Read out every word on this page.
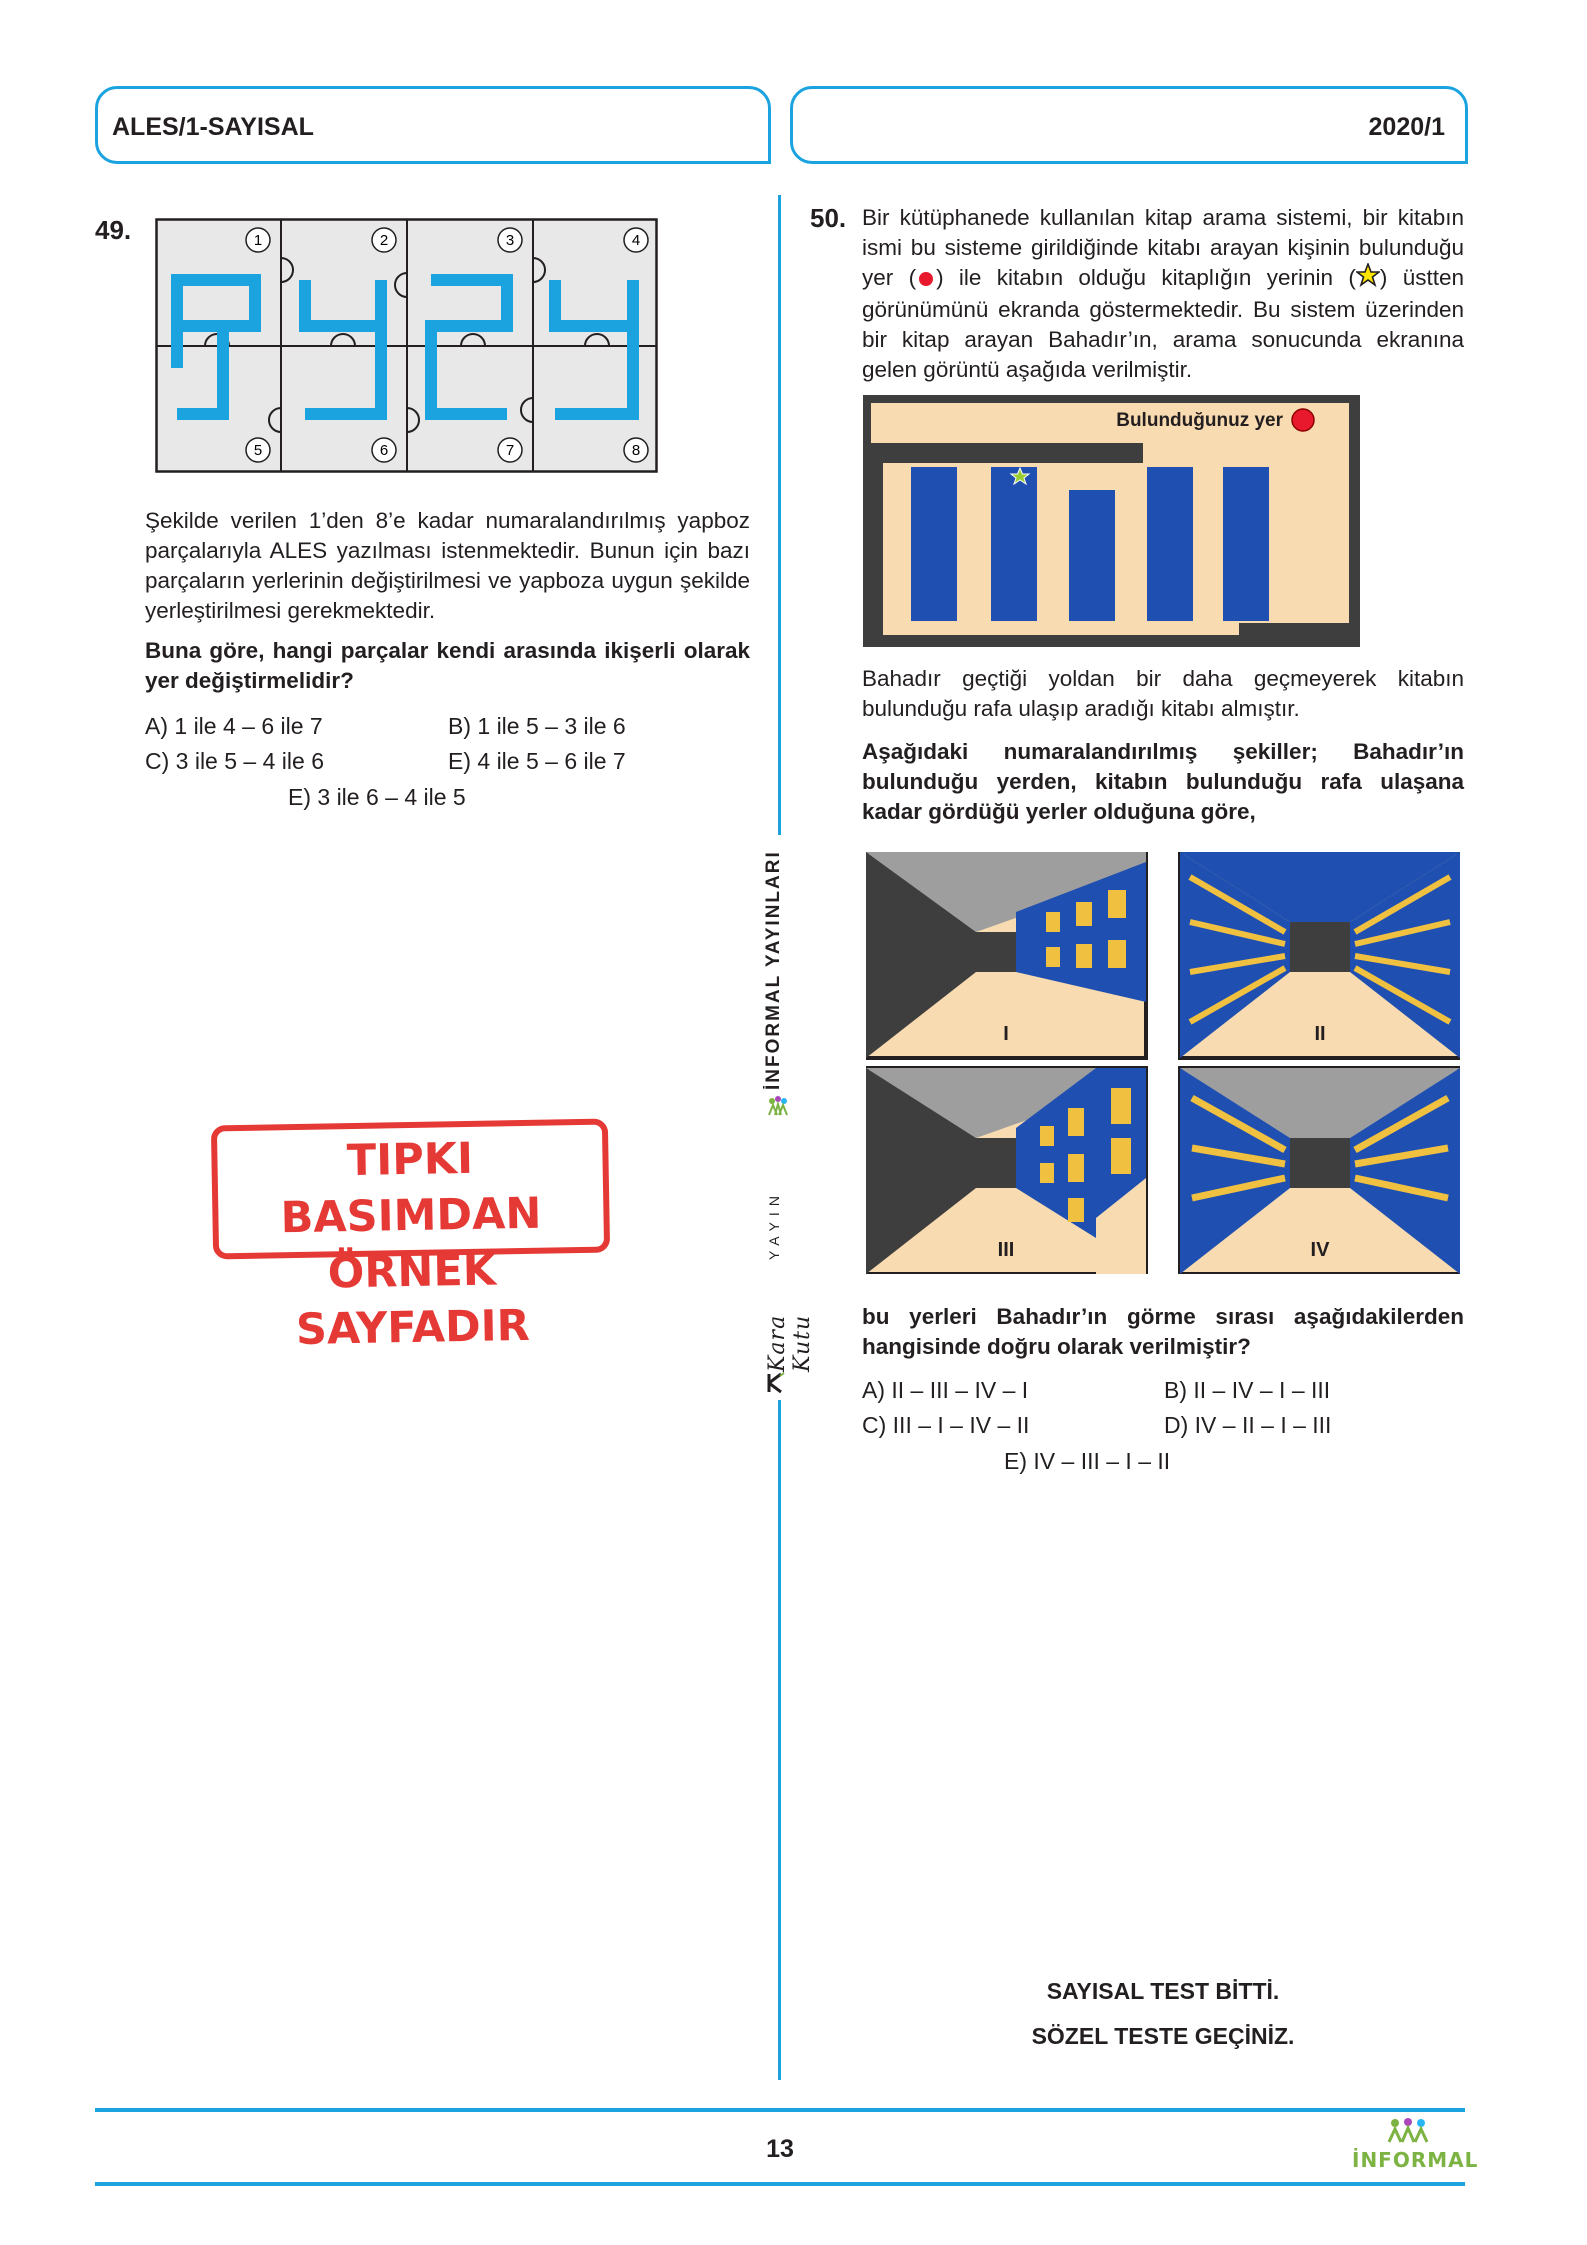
ALES/1-SAYISAL	2020/1
49.	1	2	3	4
5	6	7	8
Şekilde verilen 1’den 8’e kadar numaralandırılmış yapboz parçalarıyla ALES yazılması istenmektedir. Bunun için bazı parçaların yerlerinin değiştirilmesi ve yapboza uygun şekilde yerleştirilmesi gerekmektedir.
Buna göre, hangi parçalar kendi arasında ikişerli olarak yer değiştirmelidir?
A) 1 ile 4 – 6 ile 7	B) 1 ile 5 – 3 ile 6
C) 3 ile 5 – 4 ile 6	E) 4 ile 5 – 6 ile 7
E) 3 ile 6 – 4 ile 5
TIPKI BASIMDAN
ÖRNEK SAYFADIR
İNFORMAL YAYINLARI
YAYIN
Kara Kutu
50. Bir kütüphanede kullanılan kitap arama sistemi, bir kitabın ismi bu sisteme girildiğinde kitabı arayan kişinin bulunduğu yer ( ) ile kitabın olduğu kitaplığın yerinin ( ) üstten görünümünü ekranda göstermektedir. Bu sistem üzerinden bir kitap arayan Bahadır’ın, arama sonucunda ekranına gelen görüntü aşağıda verilmiştir.
Bulunduğunuz yer
Bahadır geçtiği yoldan bir daha geçmeyerek kitabın bulunduğu rafa ulaşıp aradığı kitabı almıştır.
Aşağıdaki numaralandırılmış şekiller; Bahadır’ın bulunduğu yerden, kitabın bulunduğu rafa ulaşana kadar gördüğü yerler olduğuna göre,
I	II
III	IV
bu yerleri Bahadır’ın görme sırası aşağıdakilerden hangisinde doğru olarak verilmiştir?
A) II – III – IV – I	B) II – IV – I – III
C) III – I – IV – II	D) IV – II – I – III
E) IV – III – I – II
SAYISAL TEST BİTTİ.
SÖZEL TESTE GEÇİNİZ.
13	İNFORMAL
